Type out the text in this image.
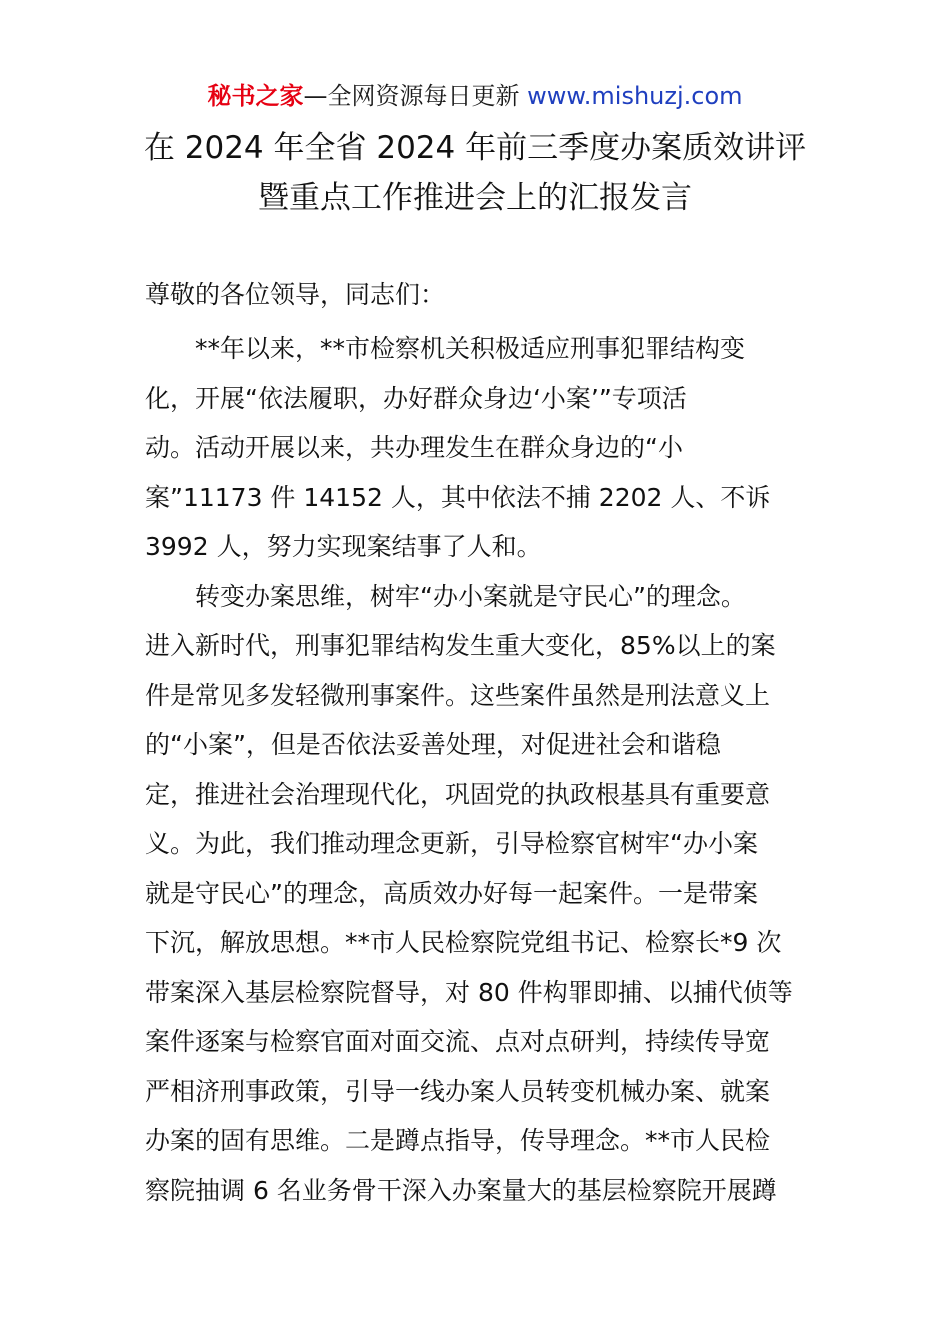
秘书之家—全网资源每日更新 www.mishuzj.com
在 2024 年全省 2024 年前三季度办案质效讲评
暨重点工作推进会上的汇报发言
尊敬的各位领导，同志们：
**年以来，**市检察机关积极适应刑事犯罪结构变
化，开展“依法履职，办好群众身边‘小案’”专项活
动。活动开展以来，共办理发生在群众身边的“小
案”11173 件 14152 人，其中依法不捕 2202 人、不诉
3992 人，努力实现案结事了人和。
转变办案思维，树牢“办小案就是守民心”的理念。
进入新时代，刑事犯罪结构发生重大变化，85%以上的案
件是常见多发轻微刑事案件。这些案件虽然是刑法意义上
的“小案”，但是否依法妥善处理，对促进社会和谐稳
定，推进社会治理现代化，巩固党的执政根基具有重要意
义。为此，我们推动理念更新，引导检察官树牢“办小案
就是守民心”的理念，高质效办好每一起案件。一是带案
下沉，解放思想。**市人民检察院党组书记、检察长*9 次
带案深入基层检察院督导，对 80 件构罪即捕、以捕代侦等
案件逐案与检察官面对面交流、点对点研判，持续传导宽
严相济刑事政策，引导一线办案人员转变机械办案、就案
办案的固有思维。二是蹲点指导，传导理念。**市人民检
察院抽调 6 名业务骨干深入办案量大的基层检察院开展蹲
